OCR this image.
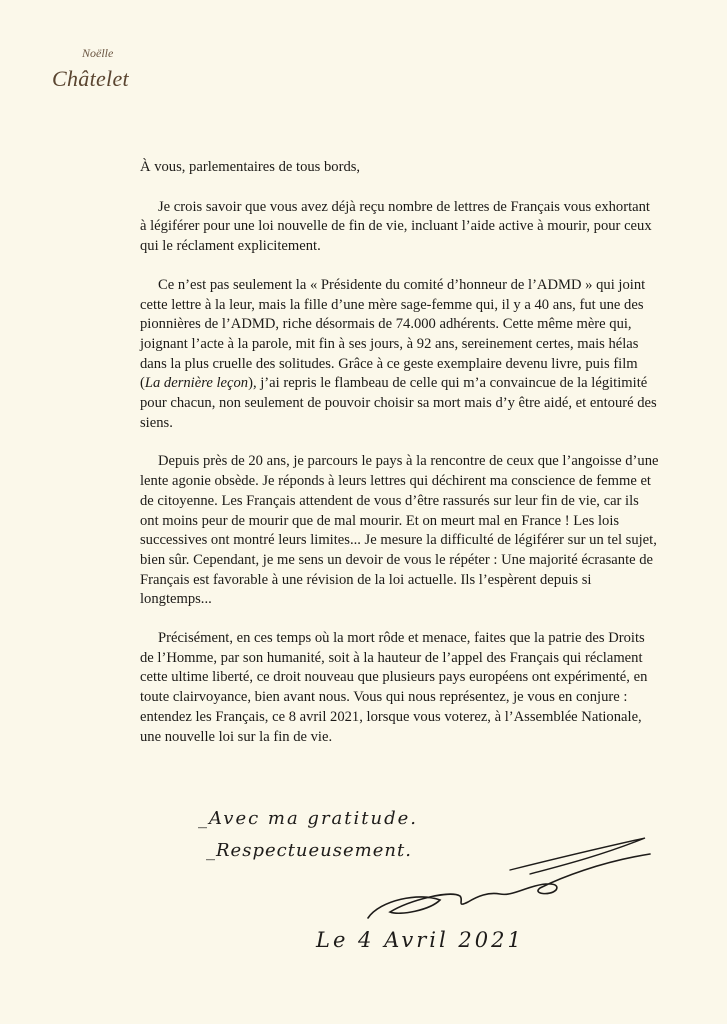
Noëlle
Châtelet

À vous, parlementaires de tous bords,

Je crois savoir que vous avez déjà reçu nombre de lettres de Français vous exhortant à légiférer pour une loi nouvelle de fin de vie, incluant l’aide active à mourir, pour ceux qui le réclament explicitement.

Ce n’est pas seulement la « Présidente du comité d’honneur de l’ADMD » qui joint cette lettre à la leur, mais la fille d’une mère sage-femme qui, il y a 40 ans, fut une des pionnières de l’ADMD, riche désormais de 74.000 adhérents. Cette même mère qui, joignant l’acte à la parole, mit fin à ses jours, à 92 ans, sereinement certes, mais hélas dans la plus cruelle des solitudes. Grâce à ce geste exemplaire devenu livre, puis film (La dernière leçon), j’ai repris le flambeau de celle qui m’a convaincue de la légitimité pour chacun, non seulement de pouvoir choisir sa mort mais d’y être aidé, et entouré des siens.

Depuis près de 20 ans, je parcours le pays à la rencontre de ceux que l’angoisse d’une lente agonie obsède. Je réponds à leurs lettres qui déchirent ma conscience de femme et de citoyenne. Les Français attendent de vous d’être rassurés sur leur fin de vie, car ils ont moins peur de mourir que de mal mourir. Et on meurt mal en France ! Les lois successives ont montré leurs limites... Je mesure la difficulté de légiférer sur un tel sujet, bien sûr. Cependant, je me sens un devoir de vous le répéter : Une majorité écrasante de Français est favorable à une révision de la loi actuelle. Ils l’espèrent depuis si longtemps...

Précisément, en ces temps où la mort rôde et menace, faites que la patrie des Droits de l’Homme, par son humanité, soit à la hauteur de l’appel des Français qui réclament cette ultime liberté, ce droit nouveau que plusieurs pays européens ont expérimenté, en toute clairvoyance, bien avant nous. Vous qui nous représentez, je vous en conjure : entendez les Français, ce 8 avril 2021, lorsque vous voterez, à l’Assemblée Nationale, une nouvelle loi sur la fin de vie.

_Avec ma gratitude.
_Respectueusement.
Le 4 Avril 2021
